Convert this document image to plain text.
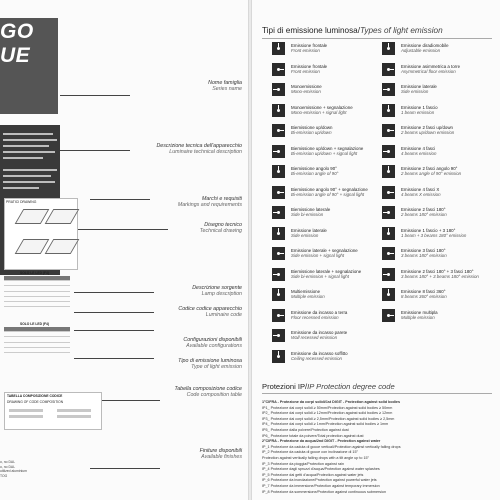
GO
UE
Nome famiglia
Series name
Descrizione tecnica dell'apparecchio
Luminaire technical description
Marchi e requisiti
Markings and requirements
Disegno tecnico
Technical drawing
Descrizione sorgente
Lamp description
Codice codice apparecchio
Luminaire code
Configurazioni disponibili
Available configurations
Tipo di emissione luminosa
Type of light emission
Tabella composizione codice
Code composition table
Finiture disponibili
Available finishes
PRATICI DRAWING
SOLO LE LED (F4)

SOLO LE LED (F4)

TABELLA COMPOSIZIONE CODICE
DRAWING OF CODE COMPOSITION
o, no DAL
o, no DAL
utilized aluminium
TOG
Tipi di emissione luminosa/Types of light emission
Emissione frontale
Front emission
Emissione frontale
Front emission
Monoemissione
Mono-emission
Monoemissione + segnalazione
Mono-emission + signal light
Biemissione up/down
Bi-emission up/down
Biemissione up/down + segnalazione
Bi-emission up/down + signal light
Biemissione angolo 90°
Bi-emission angle of 90°
Biemissione angolo 90° + segnalazione
Bi-emission angle of 90° + signal light
Biemissione laterale
Side bi-emission
Emissione laterale
Side emission
Emissione laterale + segnalazione
Side emission + signal light
Biemissione laterale + segnalazione
Side bi-emission + signal light
Multiemissione
Multiple emission
Emissione da incasso a terra
Floor recessed emission
Emissione da incasso parete
Wall recessed emission
Emissione da incasso soffitto
Ceiling recessed emission
Emissione diradiomobile
Adjustable emission
Emissione asimmetrica a torre
Asymmetrical floor emission
Emissione laterale
Side emission
Emissione 1 fascio
1 beam emission
Emissione 2 fasci up/down
2 beams up/down emission
Emissione 4 fasci
4 beams emission
Emissione 2 fasci angolo 90°
2 beams angle of 90° emission
Emissione 4 fasci X
4 beams X emission
Emissione 2 fasci 180°
2 beams 180° emission
Emissione 1 fascio + 3 180°
1 beam + 3 beams 180° emission
Emissione 3 fasci 180°
3 beams 180° emission
Emissione 2 fasci 180° + 3 fasci 180°
3 beams 180° + 3 beams 180° emission
Emissione 8 fasci 360°
8 beams 360° emission
Emissione multipla
Multiple emission
Protezioni IP/IP Protection degree code
1°CIFRA - Protezione da corpi solidi/1st DIGIT - Protection against solid bodies
IP1_ Protezione dai corpi solidi ≥ 50mm/Protection against solid bodies ≥ 50mm
IP2_ Protezione dai corpi solidi ≥ 12mm/Protection against solid bodies ≥ 12mm
IP3_ Protezione dai corpi solidi ≥ 2,5mm/Protection against solid bodies ≥ 2,5mm
IP4_ Protezione dai corpi solidi ≥ 1mm/Protection against solid bodies ≥ 1mm
IP5_ Protezione dalla polvere/Protection against dust
IP6_ Protezione totale da polvere/Total protection against dust
2°CIFRA - Protezione da acqua/2nd DIGIT - Protection against water
IP_1 Protezione da caduta di gocce verticali/Protection against vertically falling drops
IP_2 Protezione da caduta di gocce con inclinazione di 15°
Protection against vertically falling drops with a tilt angle up to 15°
IP_3 Protezione da pioggia/Protection against rain
IP_4 Protezione dagli spruzzi d'acqua/Protection against water splashes
IP_5 Protezione dai getti d'acqua/Protection against water jets
IP_6 Protezione da inondazione/Protection against powerful water jets
IP_7 Protezione da immersione/Protection against temporary immersion
IP_8 Protezione da sommersione/Protection against continuous submersion
